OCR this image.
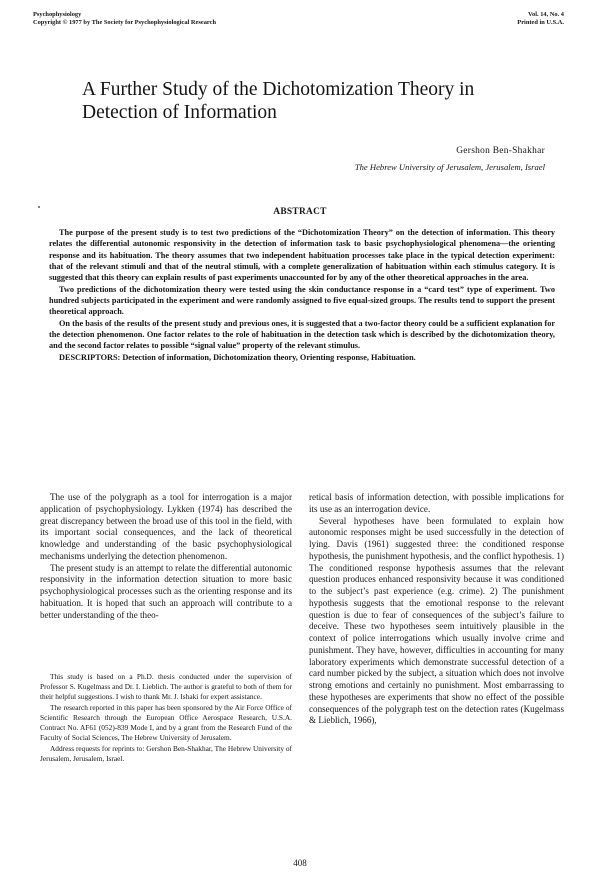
Psychophysiology
Copyright © 1977 by The Society for Psychophysiological Research
Vol. 14, No. 4
Printed in U.S.A.
A Further Study of the Dichotomization Theory in Detection of Information
Gershon Ben-Shakhar
The Hebrew University of Jerusalem, Jerusalem, Israel
ABSTRACT

The purpose of the present study is to test two predictions of the “Dichotomization Theory” on the detection of information. This theory relates the differential autonomic responsivity in the detection of information task to basic psychophysiological phenomena—the orienting response and its habituation. The theory assumes that two independent habituation processes take place in the typical detection experiment: that of the relevant stimuli and that of the neutral stimuli, with a complete generalization of habituation within each stimulus category. It is suggested that this theory can explain results of past experiments unaccounted for by any of the other theoretical approaches in the area.

Two predictions of the dichotomization theory were tested using the skin conductance response in a “card test” type of experiment. Two hundred subjects participated in the experiment and were randomly assigned to five equal-sized groups. The results tend to support the present theoretical approach.

On the basis of the results of the present study and previous ones, it is suggested that a two-factor theory could be a sufficient explanation for the detection phenomenon. One factor relates to the role of habituation in the detection task which is described by the dichotomization theory, and the second factor relates to possible “signal value” property of the relevant stimulus.

DESCRIPTORS: Detection of information, Dichotomization theory, Orienting response, Habituation.

The use of the polygraph as a tool for interrogation is a major application of psychophysiology. Lykken (1974) has described the great discrepancy between the broad use of this tool in the field, with its important social consequences, and the lack of theoretical knowledge and understanding of the basic psychophysiological mechanisms underlying the detection phenomenon.

The present study is an attempt to relate the differential autonomic responsivity in the information detection situation to more basic psychophysiological processes such as the orienting response and its habituation. It is hoped that such an approach will contribute to a better understanding of the theo-

This study is based on a Ph.D. thesis conducted under the supervision of Professor S. Kugelmass and Dr. I. Lieblich. The author is grateful to both of them for their helpful suggestions. I wish to thank Mr. J. Ishaki for expert assistance.

The research reported in this paper has been sponsored by the Air Force Office of Scientific Research through the European Office Aerospace Research, U.S.A. Contract No. AF61 (052)-839 Mode I, and by a grant from the Research Fund of the Faculty of Social Sciences, The Hebrew University of Jerusalem.

Address requests for reprints to: Gershon Ben-Shakhar, The Hebrew University of Jerusalem, Jerusalem, Israel.

retical basis of information detection, with possible implications for its use as an interrogation device.

Several hypotheses have been formulated to explain how autonomic responses might be used successfully in the detection of lying. Davis (1961) suggested three: the conditioned response hypothesis, the punishment hypothesis, and the conflict hypothesis. 1) The conditioned response hypothesis assumes that the relevant question produces enhanced responsivity because it was conditioned to the subject’s past experience (e.g. crime). 2) The punishment hypothesis suggests that the emotional response to the relevant question is due to fear of consequences of the subject’s failure to deceive. These two hypotheses seem intuitively plausible in the context of police interrogations which usually involve crime and punishment. They have, however, difficulties in accounting for many laboratory experiments which demonstrate successful detection of a card number picked by the subject, a situation which does not involve strong emotions and certainly no punishment. Most embarrassing to these hypotheses are experiments that show no effect of the possible consequences of the polygraph test on the detection rates (Kugelmass & Lieblich, 1966),

408
